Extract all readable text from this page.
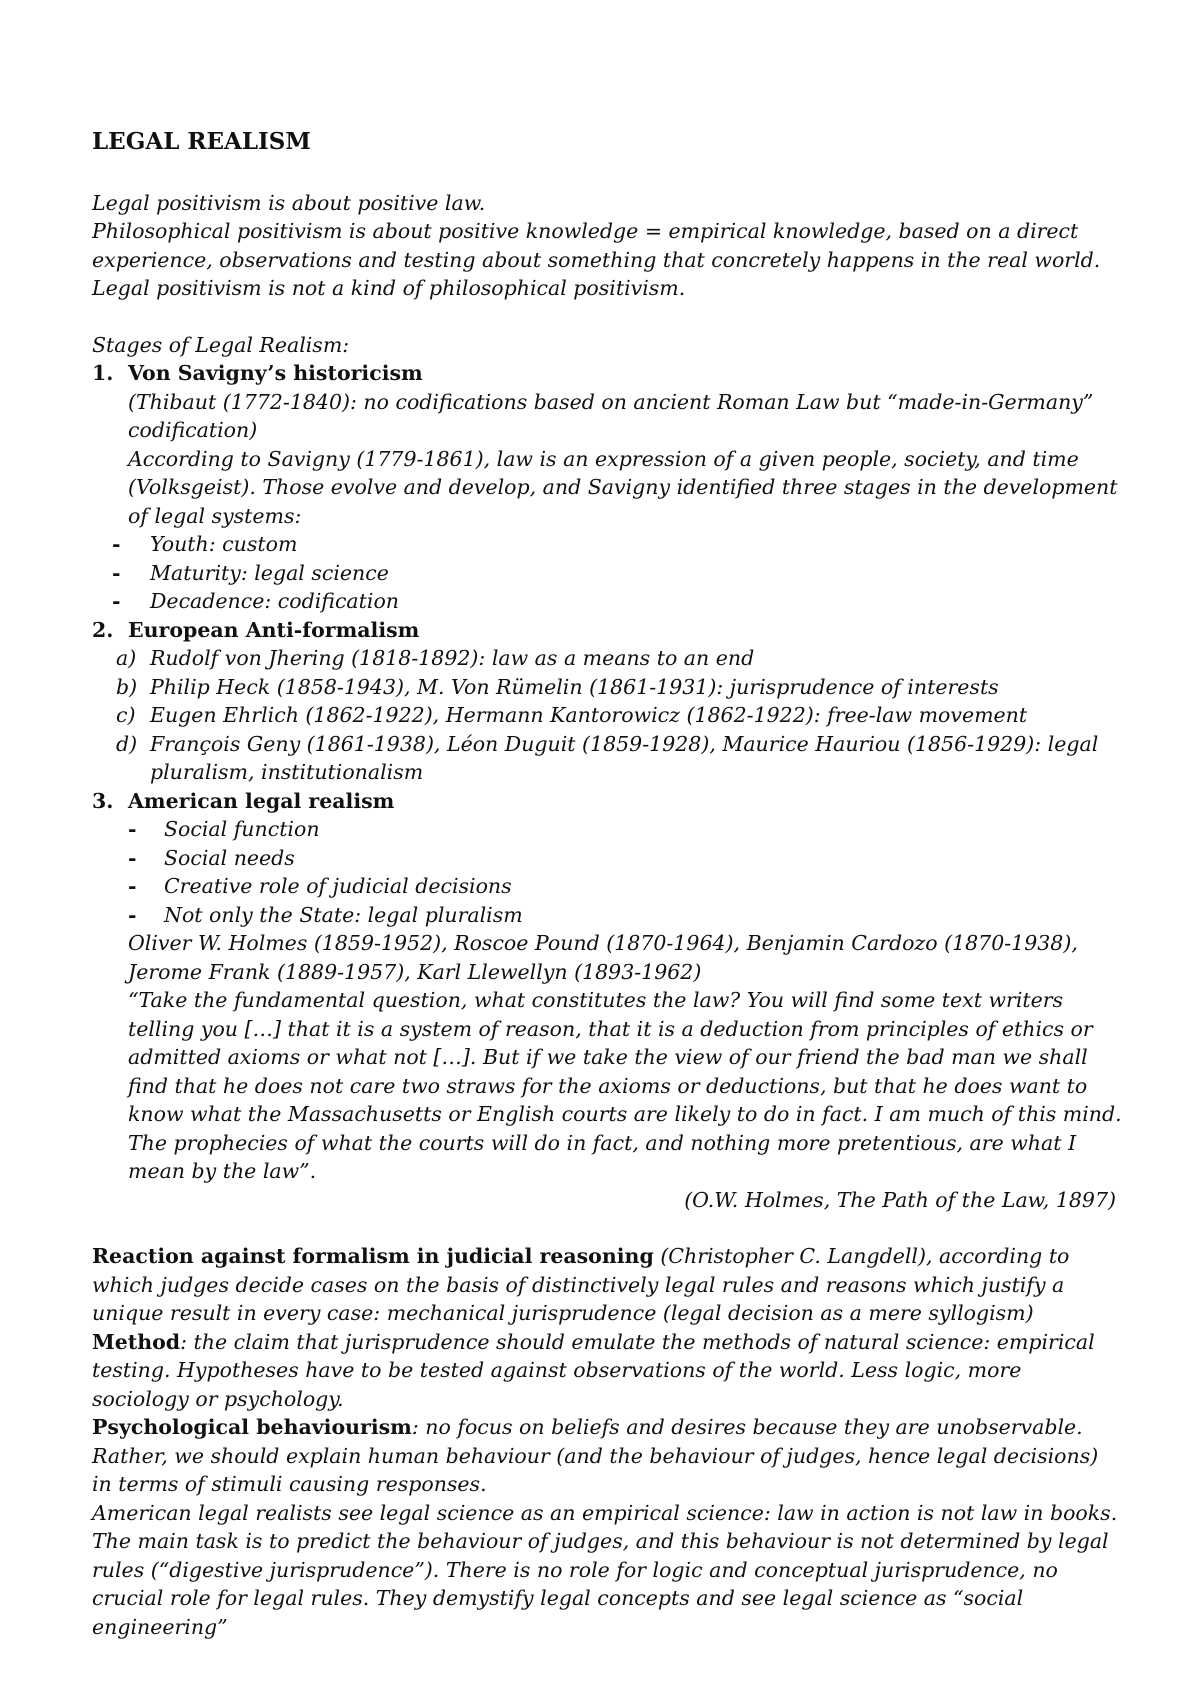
LEGAL REALISM

Legal positivism is about positive law.

Philosophical positivism is about positive knowledge = empirical knowledge, based on a direct experience, observations and testing about something that concretely happens in the real world.

Legal positivism is not a kind of philosophical positivism.

Stages of Legal Realism:

1. Von Savigny’s historicism

(Thibaut (1772-1840): no codifications based on ancient Roman Law but “made-in-Germany” codification)

According to Savigny (1779-1861), law is an expression of a given people, society, and time (Volksgeist). Those evolve and develop, and Savigny identified three stages in the development of legal systems:

- Youth: custom
- Maturity: legal science
- Decadence: codification
2. European Anti-formalism
a) Rudolf von Jhering (1818-1892): law as a means to an end
b) Philip Heck (1858-1943), M. Von Rümelin (1861-1931): jurisprudence of interests
c) Eugen Ehrlich (1862-1922), Hermann Kantorowicz (1862-1922): free-law movement
d) François Geny (1861-1938), Léon Duguit (1859-1928), Maurice Hauriou (1856-1929): legal pluralism, institutionalism
3. American legal realism
- Social function
- Social needs
- Creative role of judicial decisions
- Not only the State: legal pluralism

Oliver W. Holmes (1859-1952), Roscoe Pound (1870-1964), Benjamin Cardozo (1870-1938), Jerome Frank (1889-1957), Karl Llewellyn (1893-1962)

“Take the fundamental question, what constitutes the law? You will find some text writers telling you […] that it is a system of reason, that it is a deduction from principles of ethics or admitted axioms or what not […]. But if we take the view of our friend the bad man we shall find that he does not care two straws for the axioms or deductions, but that he does want to know what the Massachusetts or English courts are likely to do in fact. I am much of this mind. The prophecies of what the courts will do in fact, and nothing more pretentious, are what I mean by the law”.

(O.W. Holmes, The Path of the Law, 1897)

Reaction against formalism in judicial reasoning (Christopher C. Langdell), according to which judges decide cases on the basis of distinctively legal rules and reasons which justify a unique result in every case: mechanical jurisprudence (legal decision as a mere syllogism)

Method: the claim that jurisprudence should emulate the methods of natural science: empirical testing. Hypotheses have to be tested against observations of the world. Less logic, more sociology or psychology.

Psychological behaviourism: no focus on beliefs and desires because they are unobservable. Rather, we should explain human behaviour (and the behaviour of judges, hence legal decisions) in terms of stimuli causing responses.

American legal realists see legal science as an empirical science: law in action is not law in books. The main task is to predict the behaviour of judges, and this behaviour is not determined by legal rules (“digestive jurisprudence”). There is no role for logic and conceptual jurisprudence, no crucial role for legal rules. They demystify legal concepts and see legal science as “social engineering”
